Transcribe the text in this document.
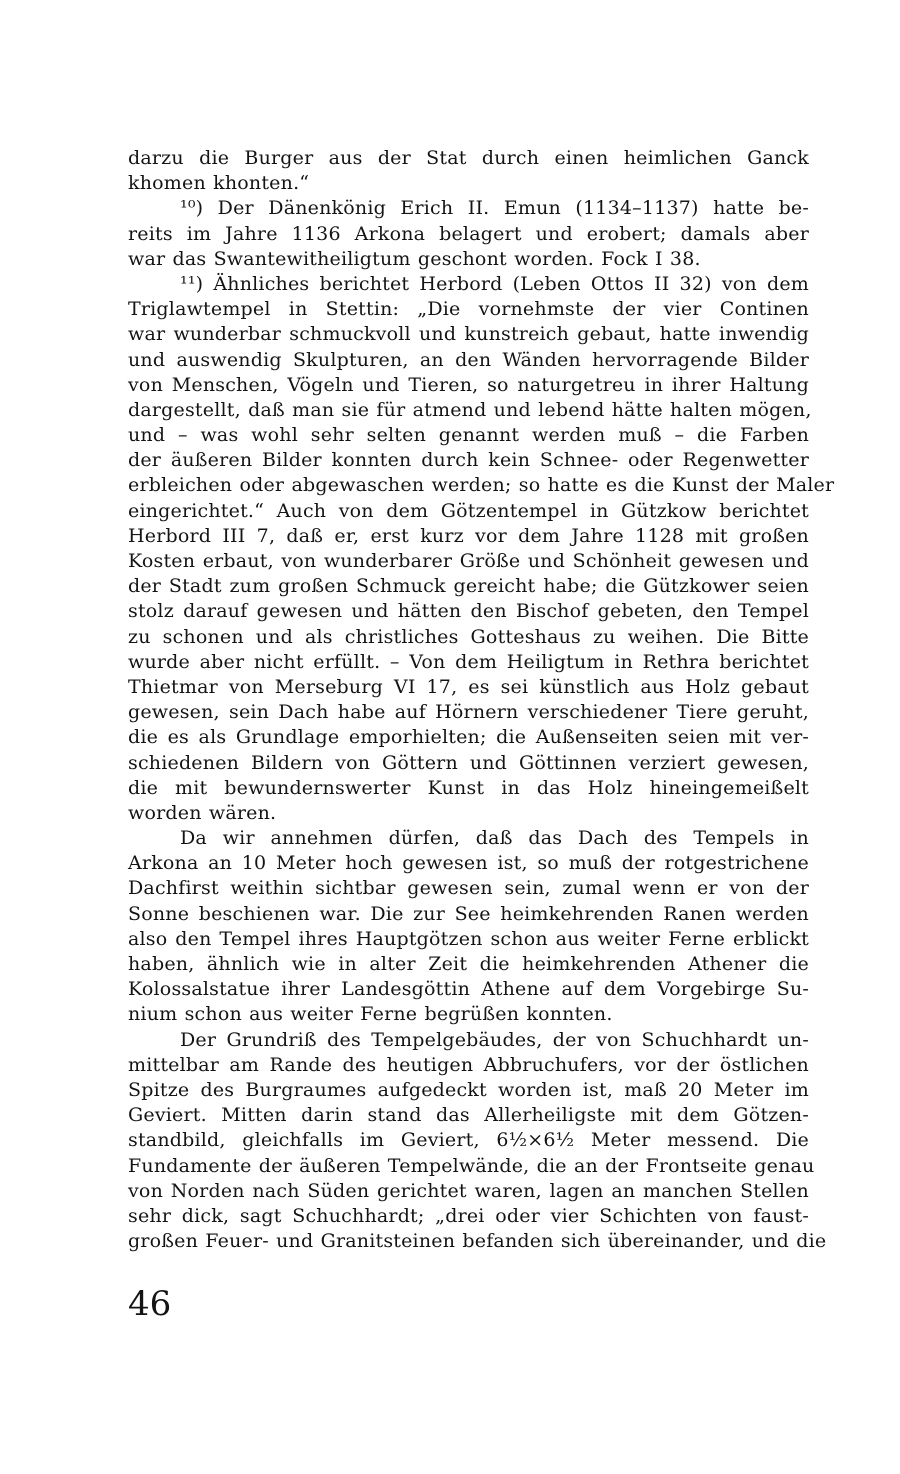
darzu die Burger aus der Stat durch einen heimlichen Ganck
khomen khonten.“
¹⁰) Der Dänenkönig Erich II. Emun (1134–1137) hatte be-
reits im Jahre 1136 Arkona belagert und erobert; damals aber
war das Swantewitheiligtum geschont worden. Fock I 38.
¹¹) Ähnliches berichtet Herbord (Leben Ottos II 32) von dem
Triglawtempel in Stettin: „Die vornehmste der vier Continen
war wunderbar schmuckvoll und kunstreich gebaut, hatte inwendig
und auswendig Skulpturen, an den Wänden hervorragende Bilder
von Menschen, Vögeln und Tieren, so naturgetreu in ihrer Haltung
dargestellt, daß man sie für atmend und lebend hätte halten mögen,
und – was wohl sehr selten genannt werden muß – die Farben
der äußeren Bilder konnten durch kein Schnee- oder Regenwetter
erbleichen oder abgewaschen werden; so hatte es die Kunst der Maler
eingerichtet.“ Auch von dem Götzentempel in Gützkow berichtet
Herbord III 7, daß er, erst kurz vor dem Jahre 1128 mit großen
Kosten erbaut, von wunderbarer Größe und Schönheit gewesen und
der Stadt zum großen Schmuck gereicht habe; die Gützkower seien
stolz darauf gewesen und hätten den Bischof gebeten, den Tempel
zu schonen und als christliches Gotteshaus zu weihen. Die Bitte
wurde aber nicht erfüllt. – Von dem Heiligtum in Rethra berichtet
Thietmar von Merseburg VI 17, es sei künstlich aus Holz gebaut
gewesen, sein Dach habe auf Hörnern verschiedener Tiere geruht,
die es als Grundlage emporhielten; die Außenseiten seien mit ver-
schiedenen Bildern von Göttern und Göttinnen verziert gewesen,
die mit bewundernswerter Kunst in das Holz hineingemeißelt
worden wären.
Da wir annehmen dürfen, daß das Dach des Tempels in
Arkona an 10 Meter hoch gewesen ist, so muß der rotgestrichene
Dachfirst weithin sichtbar gewesen sein, zumal wenn er von der
Sonne beschienen war. Die zur See heimkehrenden Ranen werden
also den Tempel ihres Hauptgötzen schon aus weiter Ferne erblickt
haben, ähnlich wie in alter Zeit die heimkehrenden Athener die
Kolossalstatue ihrer Landesgöttin Athene auf dem Vorgebirge Su-
nium schon aus weiter Ferne begrüßen konnten.
Der Grundriß des Tempelgebäudes, der von Schuchhardt un-
mittelbar am Rande des heutigen Abbruchufers, vor der östlichen
Spitze des Burgraumes aufgedeckt worden ist, maß 20 Meter im
Geviert. Mitten darin stand das Allerheiligste mit dem Götzen-
standbild, gleichfalls im Geviert, 6½×6½ Meter messend. Die
Fundamente der äußeren Tempelwände, die an der Frontseite genau
von Norden nach Süden gerichtet waren, lagen an manchen Stellen
sehr dick, sagt Schuchhardt; „drei oder vier Schichten von faust-
großen Feuer- und Granitsteinen befanden sich übereinander, und die
46
